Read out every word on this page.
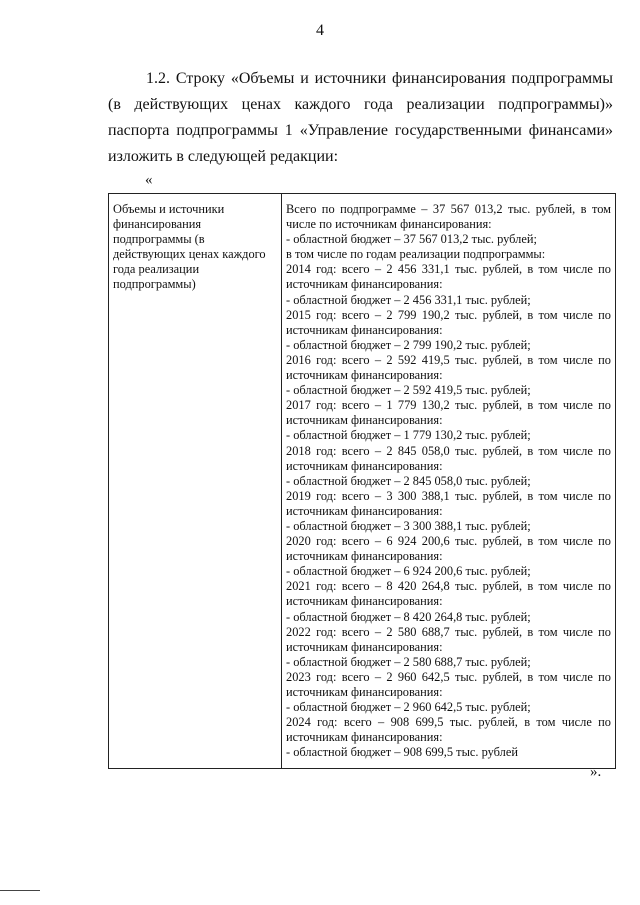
4
1.2. Строку «Объемы и источники финансирования подпрограммы (в действующих ценах каждого года реализации подпрограммы)» паспорта подпрограммы 1 «Управление государственными финансами» изложить в следующей редакции:
«
Объемы и источники финансирования подпрограммы (в действующих ценах каждого года реализации подпрограммы)	
Всего по подпрограмме – 37 567 013,2 тыс. рублей, в том числе по источникам финансирования:
- областной бюджет – 37 567 013,2 тыс. рублей;
в том числе по годам реализации подпрограммы:
2014 год: всего – 2 456 331,1 тыс. рублей, в том числе по источникам финансирования:
- областной бюджет – 2 456 331,1 тыс. рублей;
2015 год: всего – 2 799 190,2 тыс. рублей, в том числе по источникам финансирования:
- областной бюджет – 2 799 190,2 тыс. рублей;
2016 год: всего – 2 592 419,5 тыс. рублей, в том числе по источникам финансирования:
- областной бюджет – 2 592 419,5 тыс. рублей;
2017 год: всего – 1 779 130,2 тыс. рублей, в том числе по источникам финансирования:
- областной бюджет – 1 779 130,2 тыс. рублей;
2018 год: всего – 2 845 058,0 тыс. рублей, в том числе по источникам финансирования:
- областной бюджет – 2 845 058,0 тыс. рублей;
2019 год: всего – 3 300 388,1 тыс. рублей, в том числе по источникам финансирования:
- областной бюджет – 3 300 388,1 тыс. рублей;
2020 год: всего – 6 924 200,6 тыс. рублей, в том числе по источникам финансирования:
- областной бюджет – 6 924 200,6 тыс. рублей;
2021 год: всего – 8 420 264,8 тыс. рублей, в том числе по источникам финансирования:
- областной бюджет – 8 420 264,8 тыс. рублей;
2022 год: всего – 2 580 688,7 тыс. рублей, в том числе по источникам финансирования:
- областной бюджет – 2 580 688,7 тыс. рублей;
2023 год: всего – 2 960 642,5 тыс. рублей, в том числе по источникам финансирования:
- областной бюджет – 2 960 642,5 тыс. рублей;
2024 год: всего – 908 699,5 тыс. рублей, в том числе по источникам финансирования:
- областной бюджет – 908 699,5 тыс. рублей
».
